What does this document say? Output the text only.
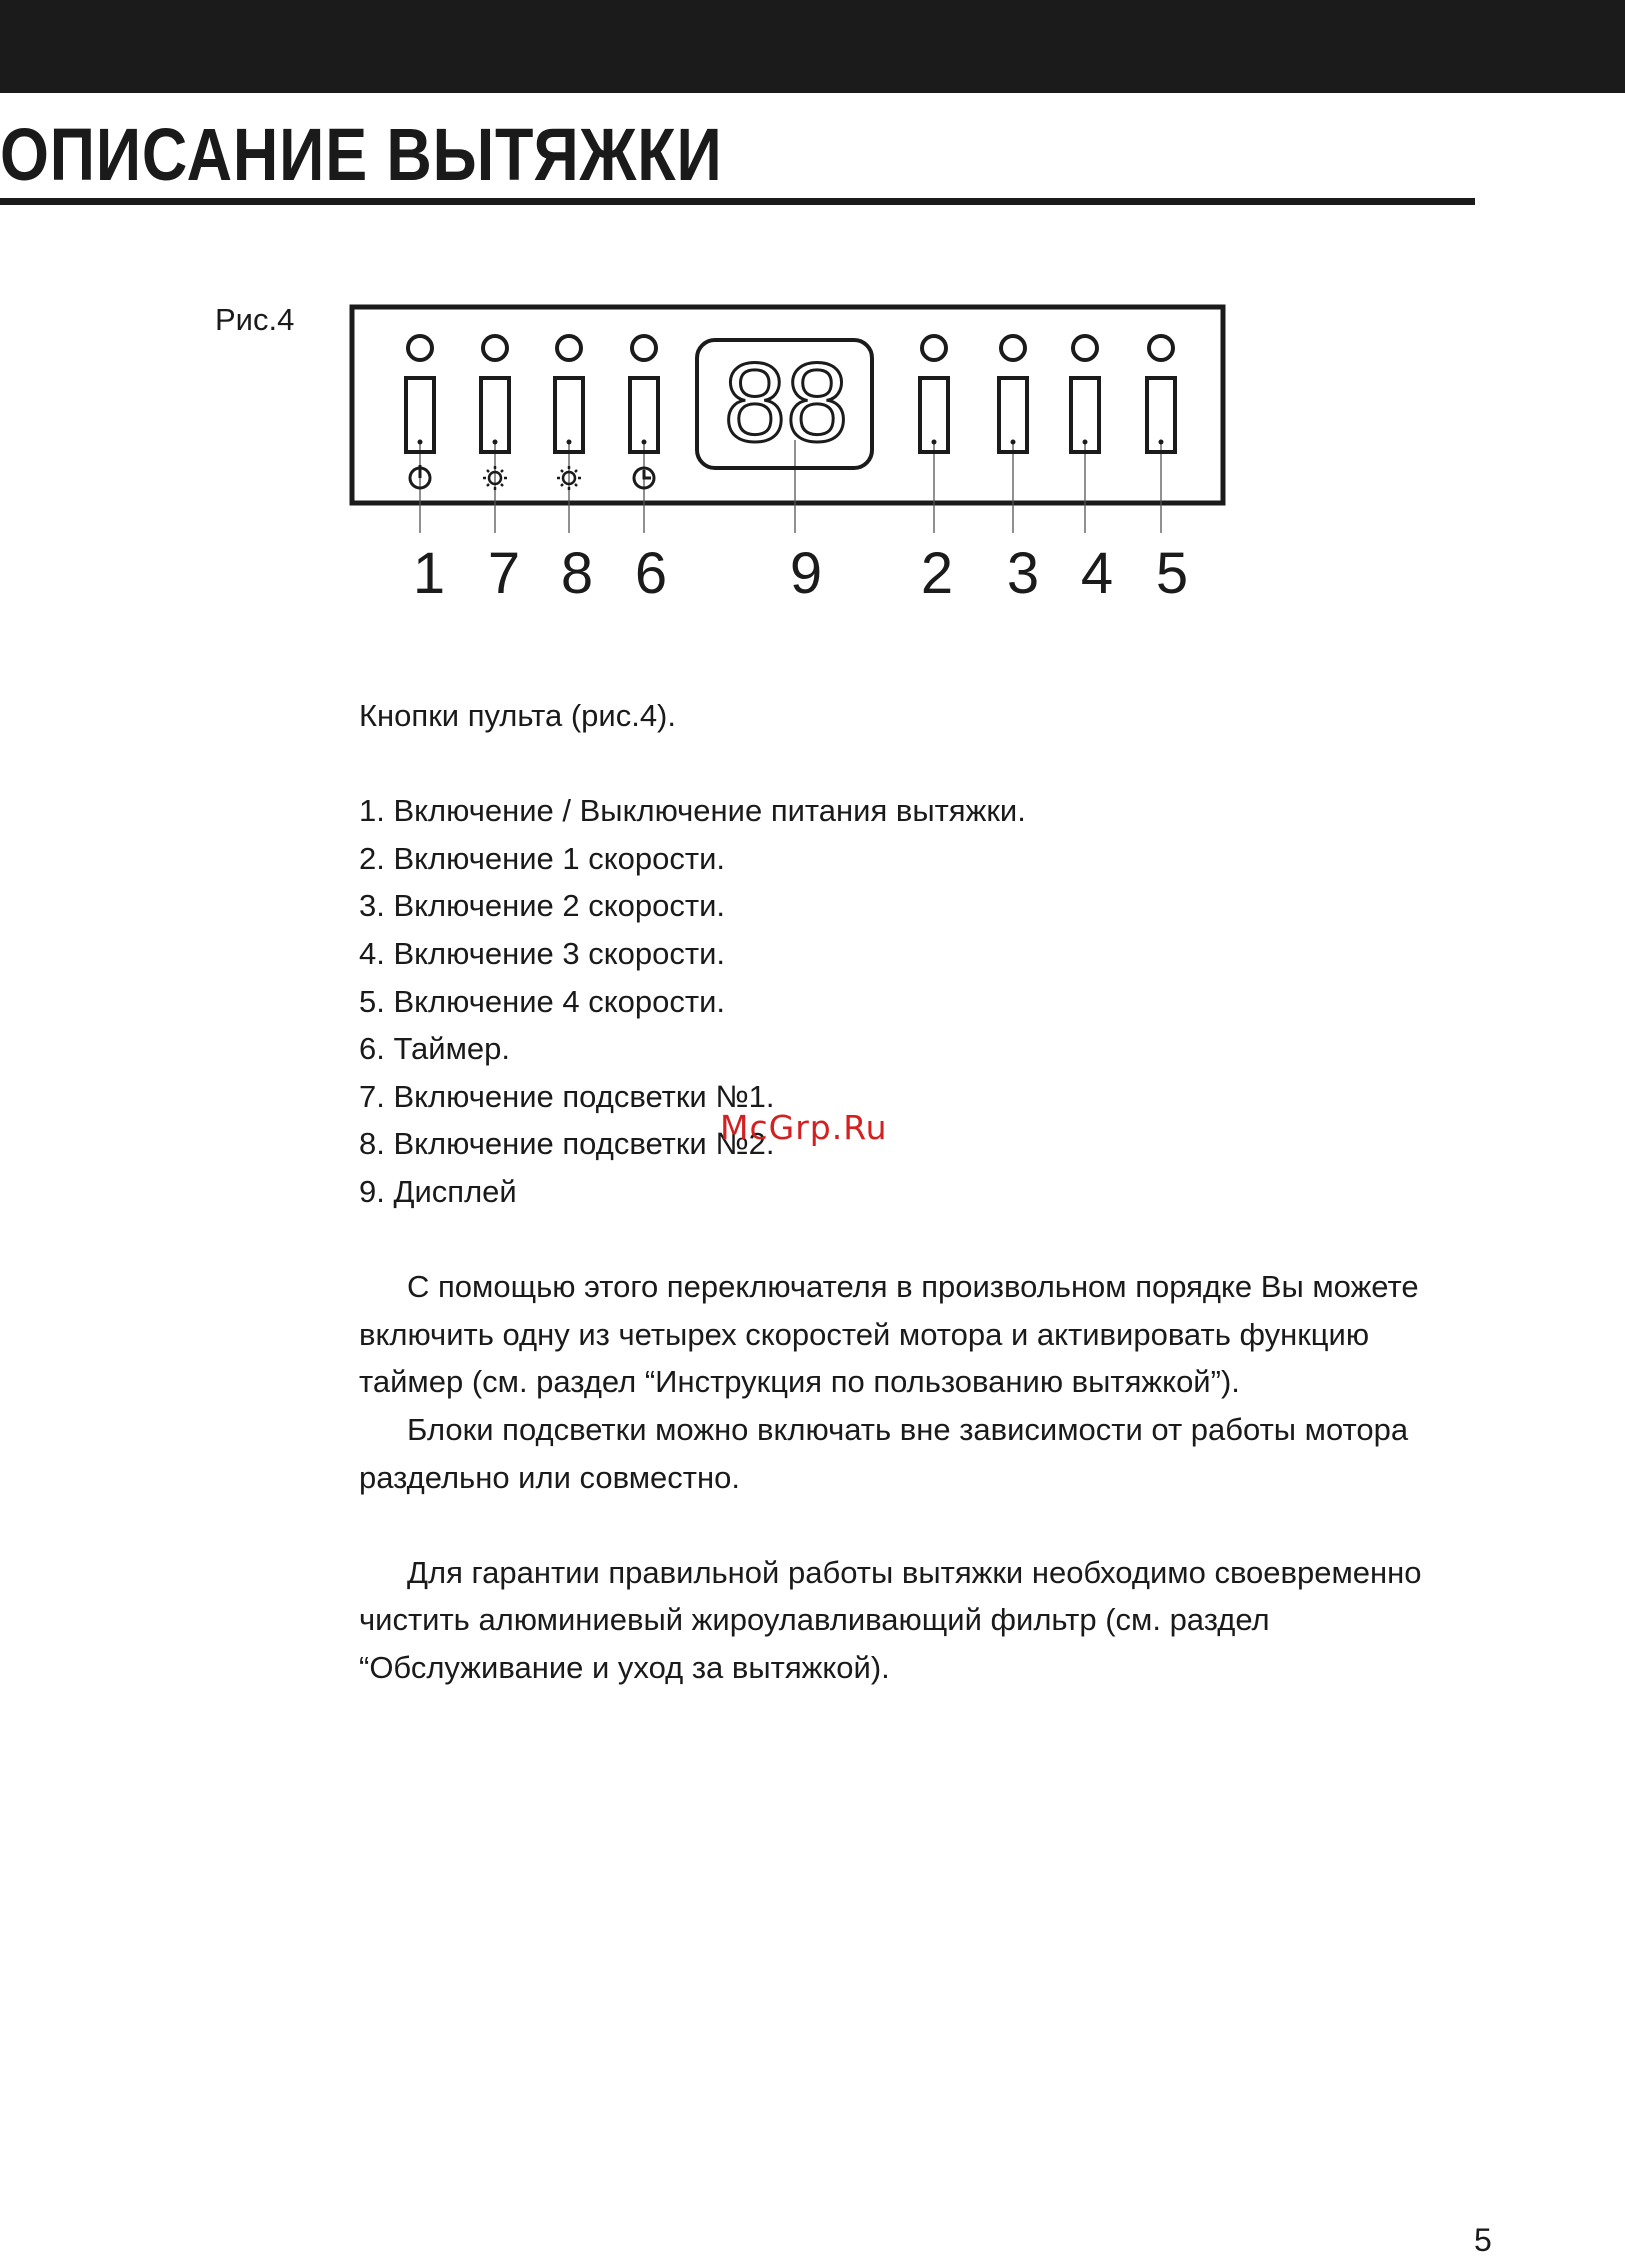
ОПИСАНИЕ ВЫТЯЖКИ
Рис.4
88
1 7 8 6 9 2 3 4 5

Кнопки пульта (рис.4).

1. Включение / Выключение питания вытяжки.

2. Включение 1 скорости.

3. Включение 2 скорости.

4. Включение 3 скорости.

5. Включение 4 скорости.

6. Таймер.

7. Включение подсветки №1.

8. Включение подсветки №2.

9. Дисплей

С помощью этого переключателя в произвольном порядке Вы можете включить одну из четырех скоростей мотора и активировать функцию таймер (см. раздел “Инструкция по пользованию вытяжкой”).

Блоки подсветки можно включать вне зависимости от работы мотора раздельно или совместно.

Для гарантии правильной работы вытяжки необходимо своевременно чистить алюминиевый жироулавливающий фильтр (см. раздел “Обслуживание и уход за вытяжкой).

McGrp.Ru
5
